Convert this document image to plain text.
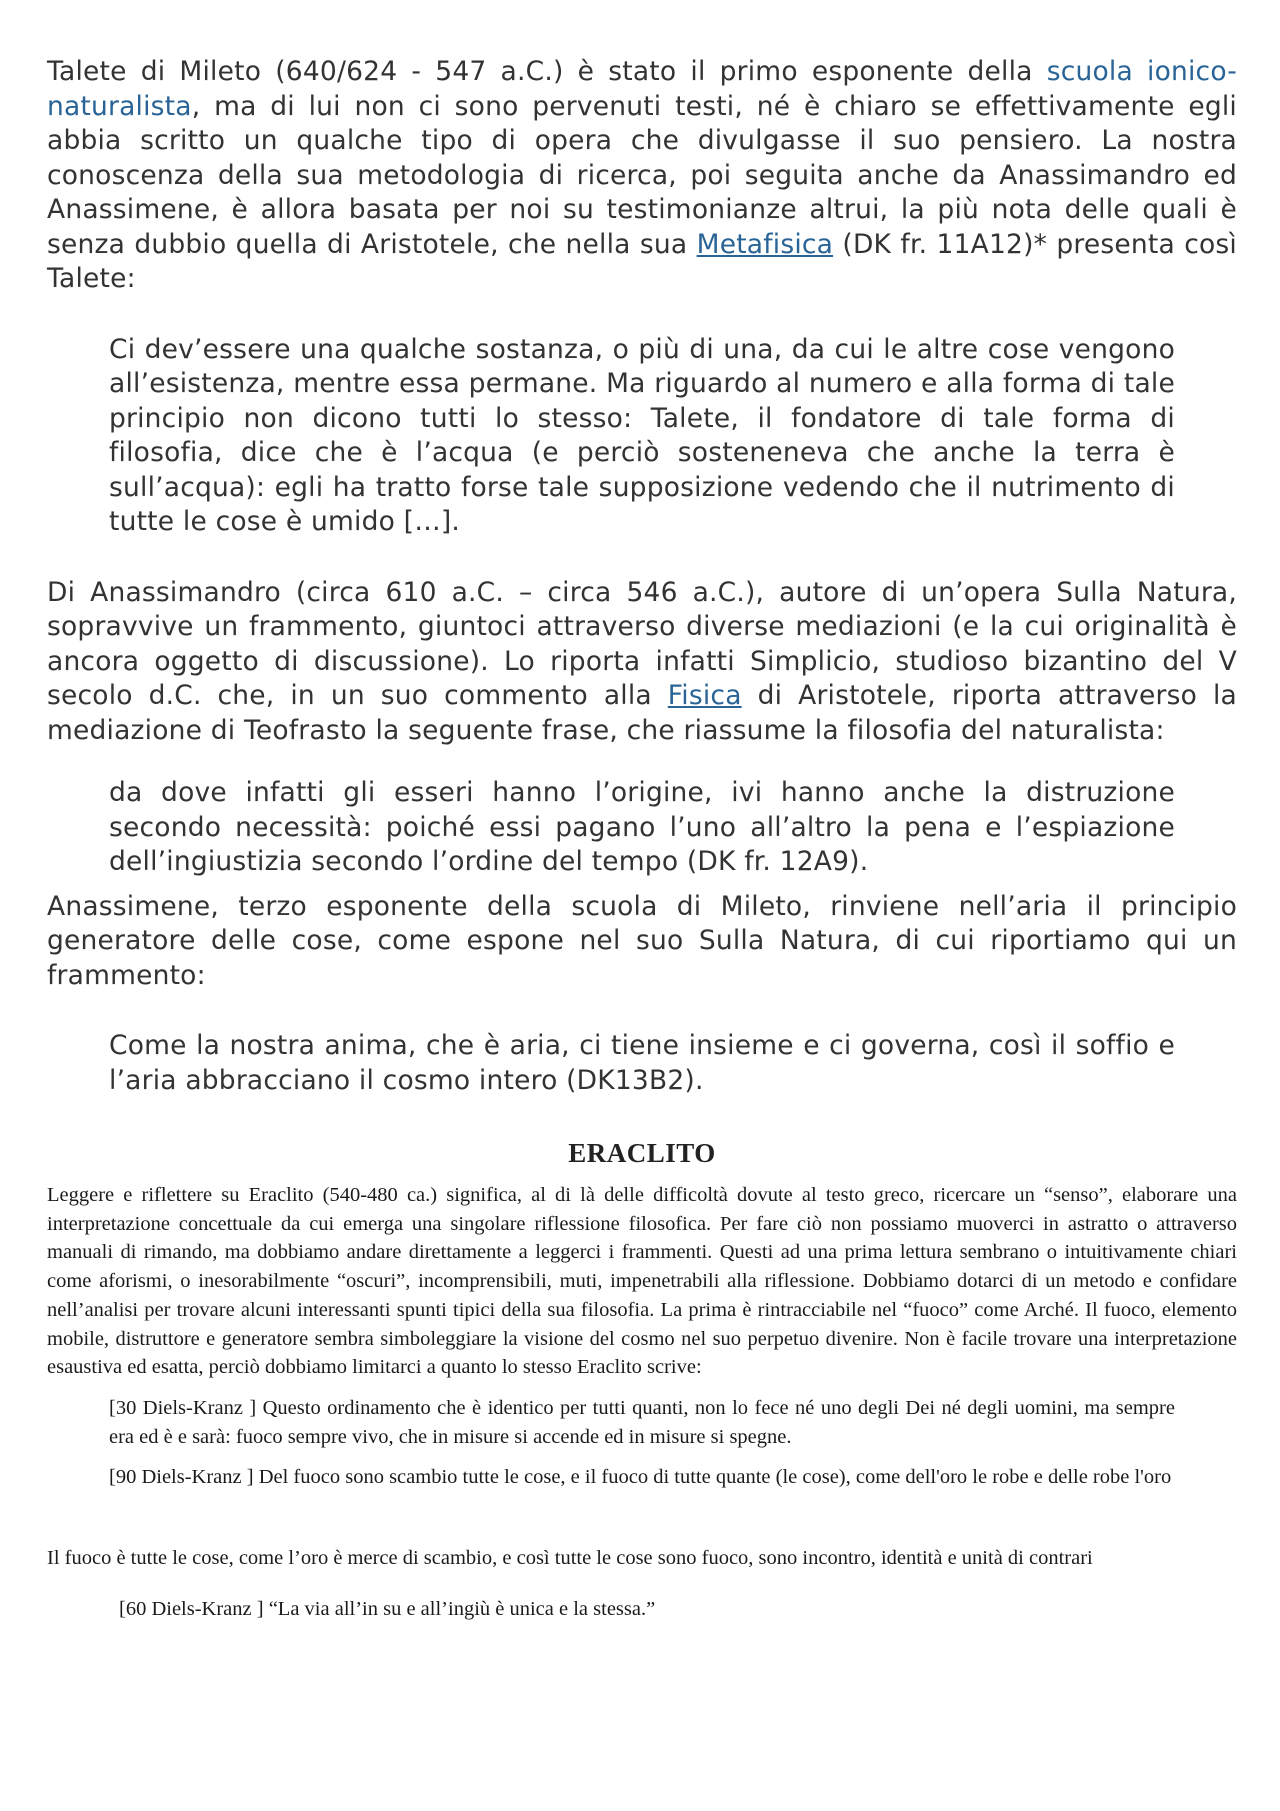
Talete di Mileto (640/624 - 547 a.C.) è stato il primo esponente della scuola ionico-naturalista, ma di lui non ci sono pervenuti testi, né è chiaro se effettivamente egli abbia scritto un qualche tipo di opera che divulgasse il suo pensiero. La nostra conoscenza della sua metodologia di ricerca, poi seguita anche da Anassimandro ed Anassimene, è allora basata per noi su testimonianze altrui, la più nota delle quali è senza dubbio quella di Aristotele, che nella sua Metafisica (DK fr. 11A12)* presenta così Talete:

Ci dev’essere una qualche sostanza, o più di una, da cui le altre cose vengono all’esistenza, mentre essa permane. Ma riguardo al numero e alla forma di tale principio non dicono tutti lo stesso: Talete, il fondatore di tale forma di filosofia, dice che è l’acqua (e perciò sosteneneva che anche la terra è sull’acqua): egli ha tratto forse tale supposizione vedendo che il nutrimento di tutte le cose è umido […].

Di Anassimandro (circa 610 a.C. – circa 546 a.C.), autore di un’opera Sulla Natura, sopravvive un frammento, giuntoci attraverso diverse mediazioni (e la cui originalità è ancora oggetto di discussione). Lo riporta infatti Simplicio, studioso bizantino del V secolo d.C. che, in un suo commento alla Fisica di Aristotele, riporta attraverso la mediazione di Teofrasto la seguente frase, che riassume la filosofia del naturalista:

da dove infatti gli esseri hanno l’origine, ivi hanno anche la distruzione secondo necessità: poiché essi pagano l’uno all’altro la pena e l’espiazione dell’ingiustizia secondo l’ordine del tempo (DK fr. 12A9).

Anassimene, terzo esponente della scuola di Mileto, rinviene nell’aria il principio generatore delle cose, come espone nel suo Sulla Natura, di cui riportiamo qui un frammento:

Come la nostra anima, che è aria, ci tiene insieme e ci governa, così il soffio e l’aria abbracciano il cosmo intero (DK13B2).

ERACLITO

Leggere e riflettere su Eraclito (540-480 ca.) significa, al di là delle difficoltà dovute al testo greco, ricercare un “senso”, elaborare una interpretazione concettuale da cui emerga una singolare riflessione filosofica. Per fare ciò non possiamo muoverci in astratto o attraverso manuali di rimando, ma dobbiamo andare direttamente a leggerci i frammenti. Questi ad una prima lettura sembrano o intuitivamente chiari come aforismi, o inesorabilmente “oscuri”, incomprensibili, muti, impenetrabili alla riflessione. Dobbiamo dotarci di un metodo e confidare nell’analisi per trovare alcuni interessanti spunti tipici della sua filosofia. La prima è rintracciabile nel “fuoco” come Arché. Il fuoco, elemento mobile, distruttore e generatore sembra simboleggiare la visione del cosmo nel suo perpetuo divenire. Non è facile trovare una interpretazione esaustiva ed esatta, perciò dobbiamo limitarci a quanto lo stesso Eraclito scrive:

[30 Diels-Kranz ] Questo ordinamento che è identico per tutti quanti, non lo fece né uno degli Dei né degli uomini, ma sempre era ed è e sarà: fuoco sempre vivo, che in misure si accende ed in misure si spegne.

[90 Diels-Kranz ] Del fuoco sono scambio tutte le cose, e il fuoco di tutte quante (le cose), come dell'oro le robe e delle robe l'oro

Il fuoco è tutte le cose, come l’oro è merce di scambio, e così tutte le cose sono fuoco, sono incontro, identità e unità di contrari

[60 Diels-Kranz ] “La via all’in su e all’ingiù è unica e la stessa.”
